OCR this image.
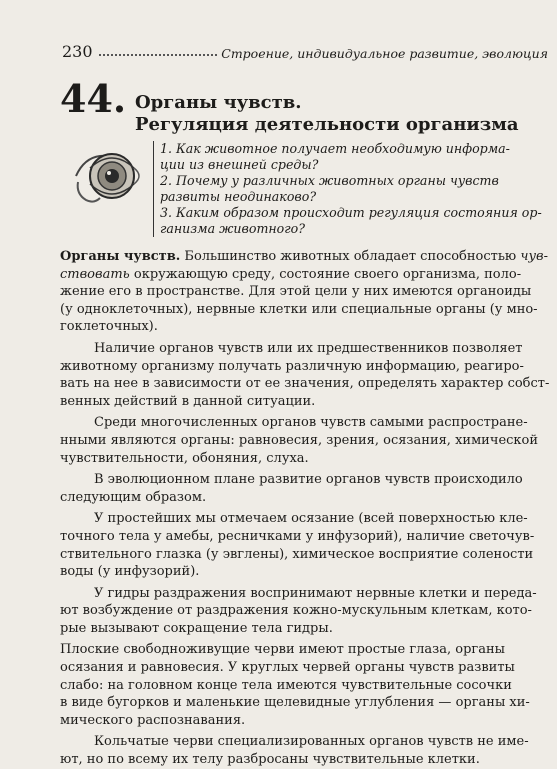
230	Строение, индивидуальное развитие, эволюция
44. Органы чувств.
Регуляция деятельности организма
1. Как животное получает необходимую информа-
ции из внешней среды?
2. Почему у различных животных органы чувств
развиты неодинаково?
3. Каким образом происходит регуляция состояния ор-
ганизма животного?
Органы чувств. Большинство животных обладает способностью чув-
ствовать окружающую среду, состояние своего организма, поло-
жение его в пространстве. Для этой цели у них имеются органоиды
(у одноклеточных), нервные клетки или специальные органы (у мно-
гоклеточных).
Наличие органов чувств или их предшественников позволяет
животному организму получать различную информацию, реагиро-
вать на нее в зависимости от ее значения, определять характер собст-
венных действий в данной ситуации.
Среди многочисленных органов чувств самыми распростране-
нными являются органы: равновесия, зрения, осязания, химической
чувствительности, обоняния, слуха.
В эволюционном плане развитие органов чувств происходило
следующим образом.
У простейших мы отмечаем осязание (всей поверхностью кле-
точного тела у амебы, ресничками у инфузорий), наличие светочув-
ствительного глазка (у эвглены), химическое восприятие солености
воды (у инфузорий).
У гидры раздражения воспринимают нервные клетки и переда-
ют возбуждение от раздражения кожно-мускульным клеткам, кото-
рые вызывают сокращение тела гидры.
Плоские свободноживущие черви имеют простые глаза, органы
осязания и равновесия. У круглых червей органы чувств развиты
слабо: на головном конце тела имеются чувствительные сосочки
в виде бугорков и маленькие щелевидные углубления — органы хи-
мического распознавания.
Кольчатые черви специализированных органов чувств не име-
ют, но по всему их телу разбросаны чувствительные клетки.
